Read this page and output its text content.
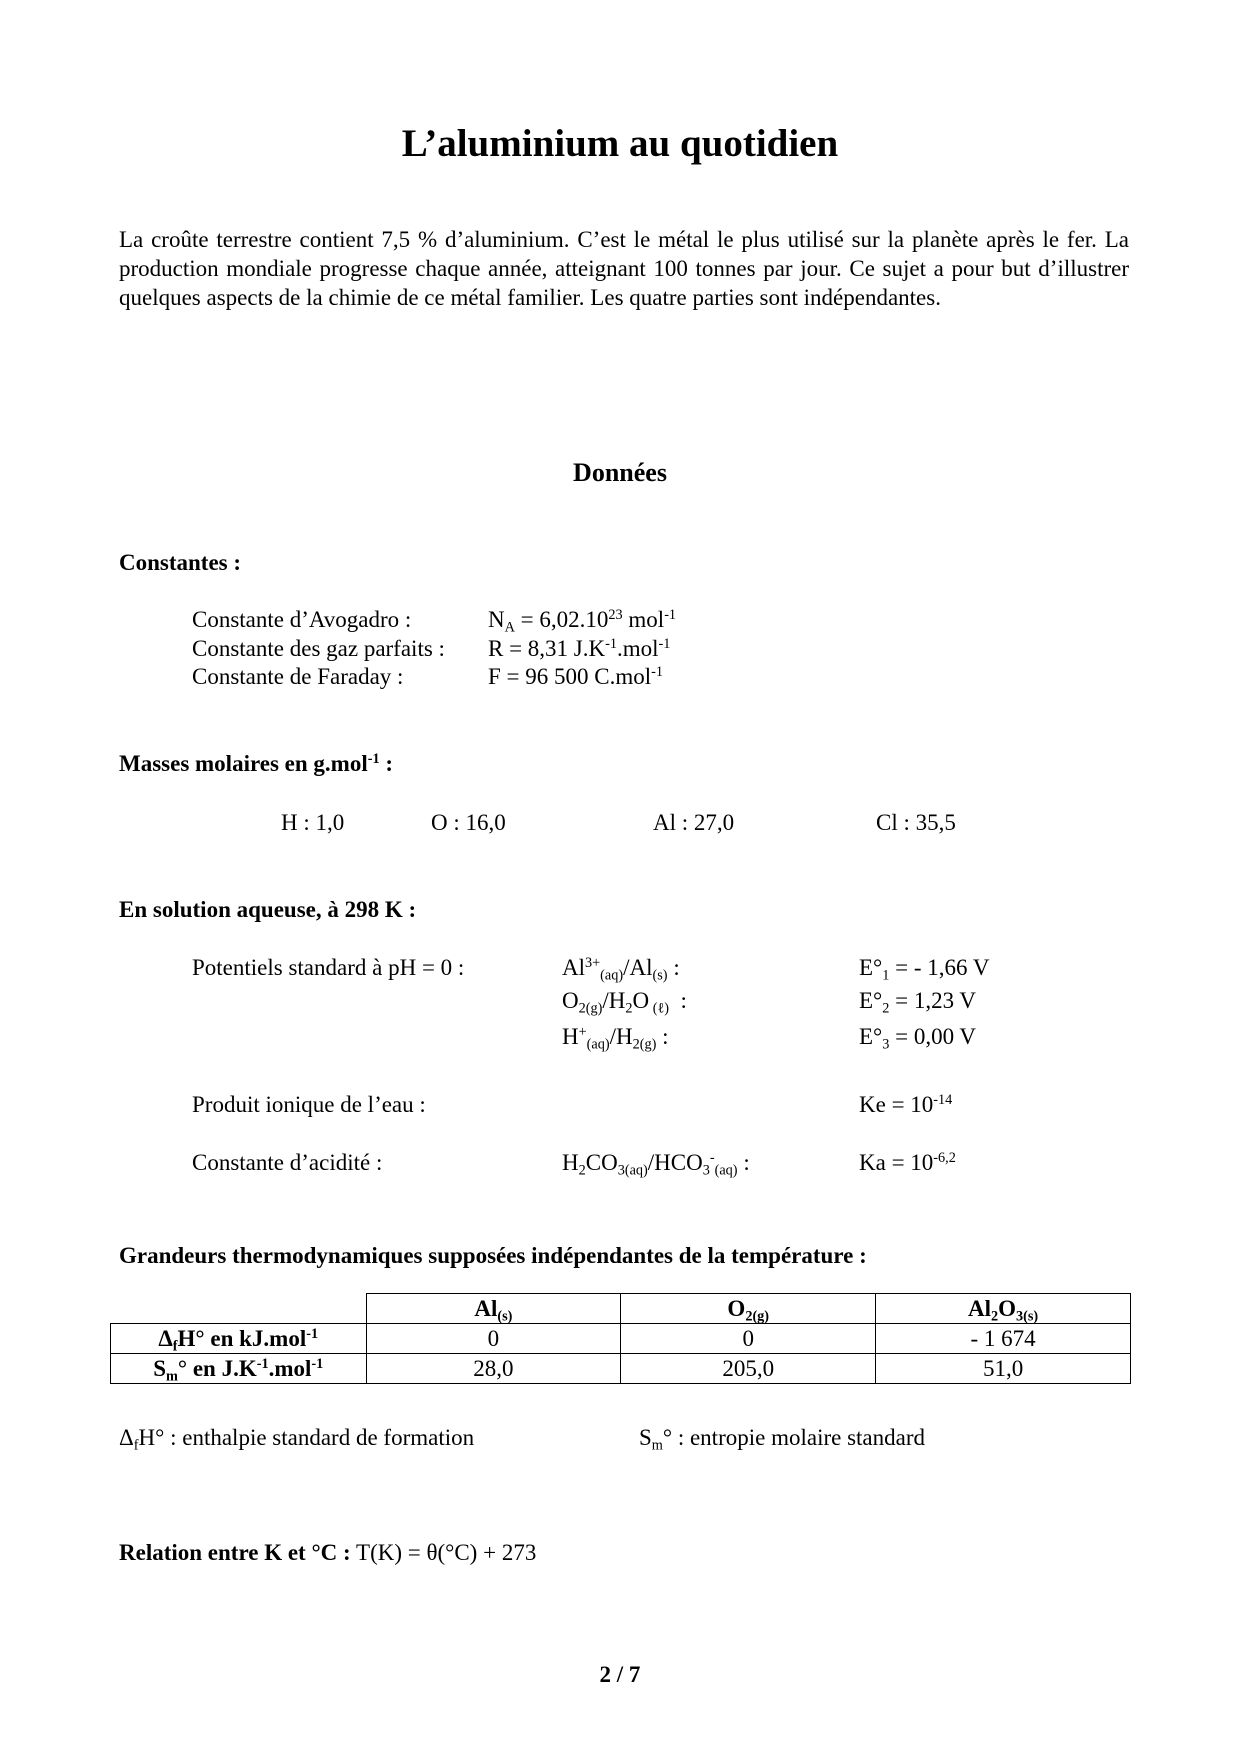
L’aluminium au quotidien

La croûte terrestre contient 7,5 % d’aluminium. C’est le métal le plus utilisé sur la planète après le fer. La production mondiale progresse chaque année, atteignant 100 tonnes par jour. Ce sujet a pour but d’illustrer quelques aspects de la chimie de ce métal familier. Les quatre parties sont indépendantes.

Données
Constantes :
Constante d’Avogadro :	$N_A = 6,02.10^{23}$ mol$^{-1}$
Constante des gaz parfaits : R = 8,31 $J.K^{-1}.mol^{-1}$
Constante de Faraday :	F = 96 500 C.mol$^{-1}$
Masses molaires en g.mol$^{-1}$ :
H : 1,0	O : 16,0	Al : 27,0	Cl : 35,5
En solution aqueuse, à 298 K :
Potentiels standard à pH = 0 :	$Al^{3+}_{(aq)}/Al_{(s)}$ :	$E^\circ_1$ = - 1,66 V
$O_{2(g)}/H_2O$ $_{(\ell)}$  :	$E^\circ_2 = 1,23$ V
$H^+_{(aq)}/H_{2(g)}$ :	$E^\circ_3 = 0,00$ V
Produit ionique de l’eau :	$Ke = 10^{-14}$
Constante d’acidité :	$H_2CO_{3(aq)}/HCO_3^-_{(aq)}$ :	$Ka = 10^{-6,2}$
Grandeurs thermodynamiques supposées indépendantes de la température :
	$Al_{(s)}$	$O_{2(g)}$	$Al_2O_{3(s)}$
$\Delta_fH^\circ$ en kJ.mol$^{-1}$	0	0	- 1 674
$S_m^\circ$ en $J.K^{-1}.mol^{-1}$	28,0	205,0	51,0
$\Delta_fH^\circ$ : enthalpie standard de formation	$S_m^\circ$ : entropie molaire standard
Relation entre K et °C : T(K) = θ(°C) + 273
2 / 7
